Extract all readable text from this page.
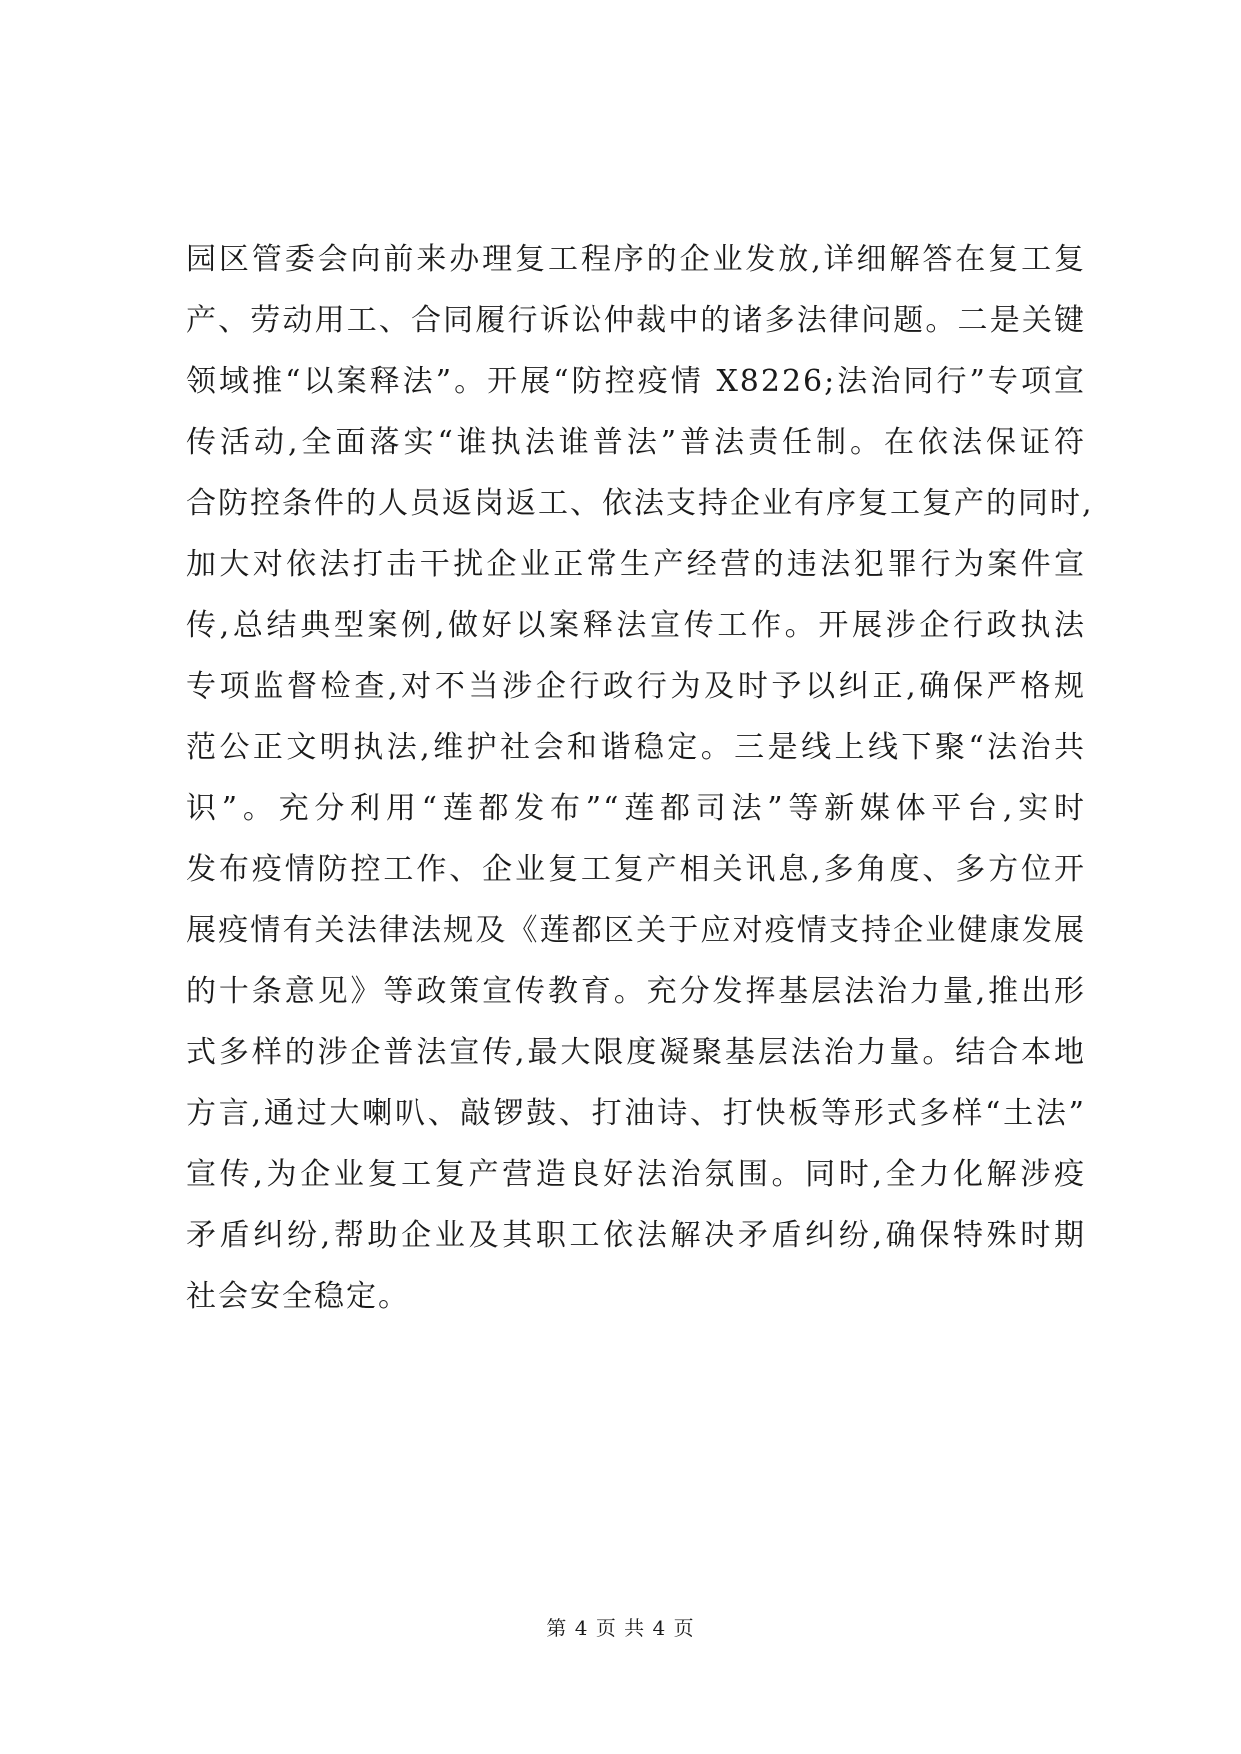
园区管委会向前来办理复工程序的企业发放,详细解答在复工复
产、劳动用工、合同履行诉讼仲裁中的诸多法律问题。二是关键
领域推“以案释法”。开展“防控疫情 X8226;法治同行”专项宣
传活动,全面落实“谁执法谁普法”普法责任制。在依法保证符
合防控条件的人员返岗返工、依法支持企业有序复工复产的同时,
加大对依法打击干扰企业正常生产经营的违法犯罪行为案件宣
传,总结典型案例,做好以案释法宣传工作。开展涉企行政执法
专项监督检查,对不当涉企行政行为及时予以纠正,确保严格规
范公正文明执法,维护社会和谐稳定。三是线上线下聚“法治共
识”。充分利用“莲都发布”“莲都司法”等新媒体平台,实时
发布疫情防控工作、企业复工复产相关讯息,多角度、多方位开
展疫情有关法律法规及《莲都区关于应对疫情支持企业健康发展
的十条意见》等政策宣传教育。充分发挥基层法治力量,推出形
式多样的涉企普法宣传,最大限度凝聚基层法治力量。结合本地
方言,通过大喇叭、敲锣鼓、打油诗、打快板等形式多样“土法”
宣传,为企业复工复产营造良好法治氛围。同时,全力化解涉疫
矛盾纠纷,帮助企业及其职工依法解决矛盾纠纷,确保特殊时期
社会安全稳定。
第 4 页 共 4 页
